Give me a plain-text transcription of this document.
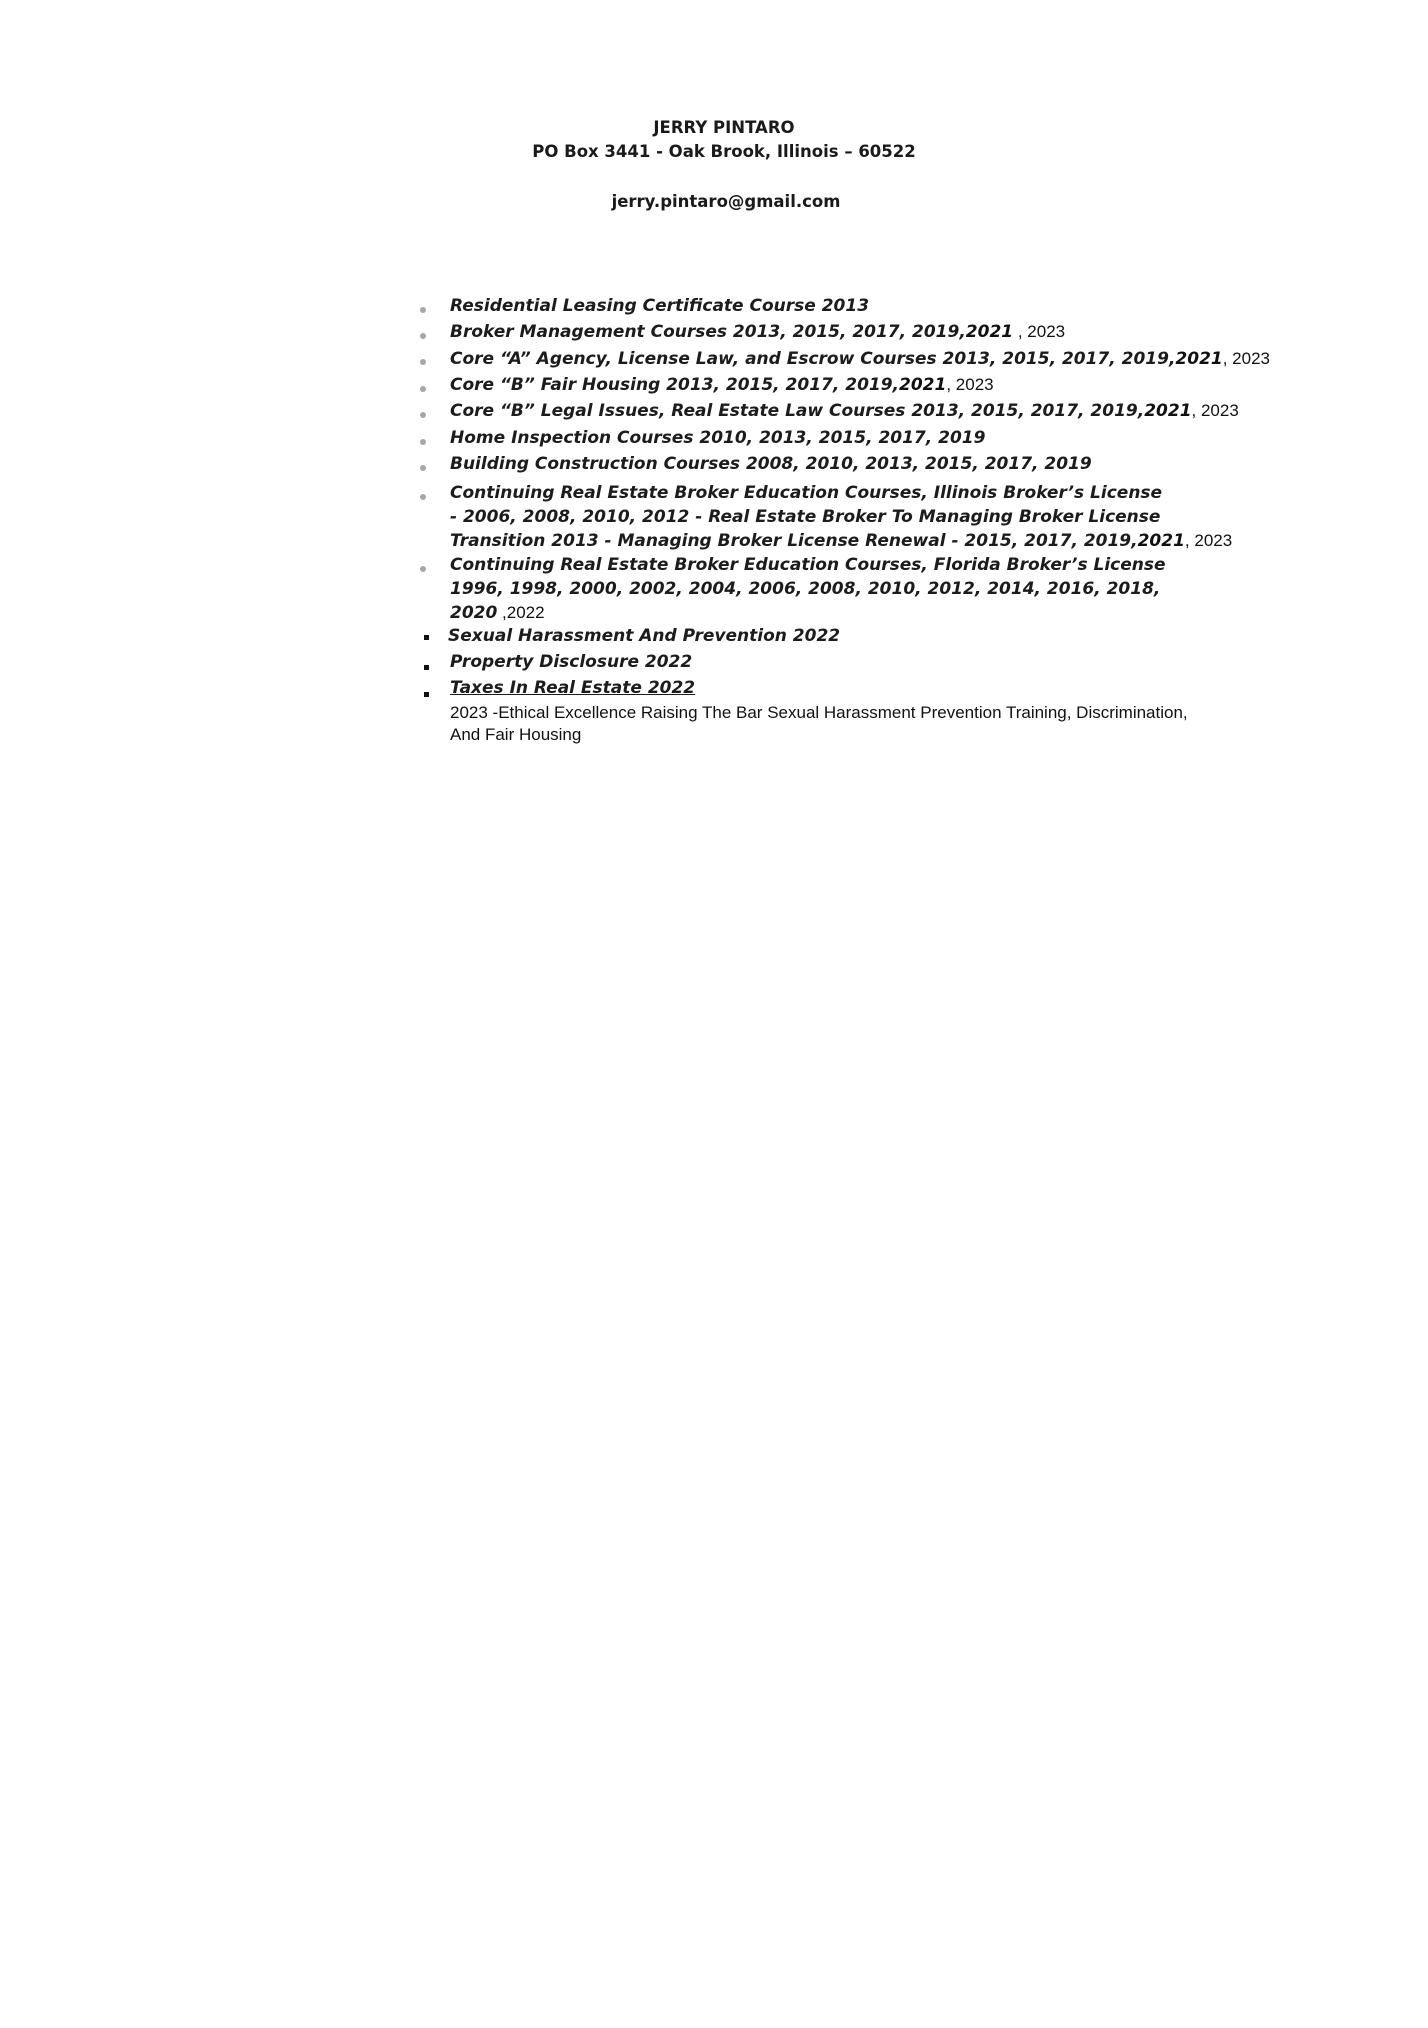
JERRY PINTARO
PO Box 3441 - Oak Brook, Illinois – 60522
jerry.pintaro@gmail.com
Residential Leasing Certificate Course 2013
Broker Management Courses 2013, 2015, 2017, 2019,2021 , 2023
Core “A” Agency, License Law, and Escrow Courses 2013, 2015, 2017, 2019,2021, 2023
Core “B” Fair Housing 2013, 2015, 2017, 2019,2021, 2023
Core “B” Legal Issues, Real Estate Law Courses 2013, 2015, 2017, 2019,2021, 2023
Home Inspection Courses 2010, 2013, 2015, 2017, 2019
Building Construction Courses 2008, 2010, 2013, 2015, 2017, 2019
Continuing Real Estate Broker Education Courses, Illinois Broker’s License
- 2006, 2008, 2010, 2012 - Real Estate Broker To Managing Broker License
Transition 2013 - Managing Broker License Renewal - 2015, 2017, 2019,2021, 2023
Continuing Real Estate Broker Education Courses, Florida Broker’s License
1996, 1998, 2000, 2002, 2004, 2006, 2008, 2010, 2012, 2014, 2016, 2018,
2020 ,2022
Sexual Harassment And Prevention 2022
Property Disclosure 2022
Taxes In Real Estate 2022
2023 -Ethical Excellence Raising The Bar Sexual Harassment Prevention Training, Discrimination,
And Fair Housing
